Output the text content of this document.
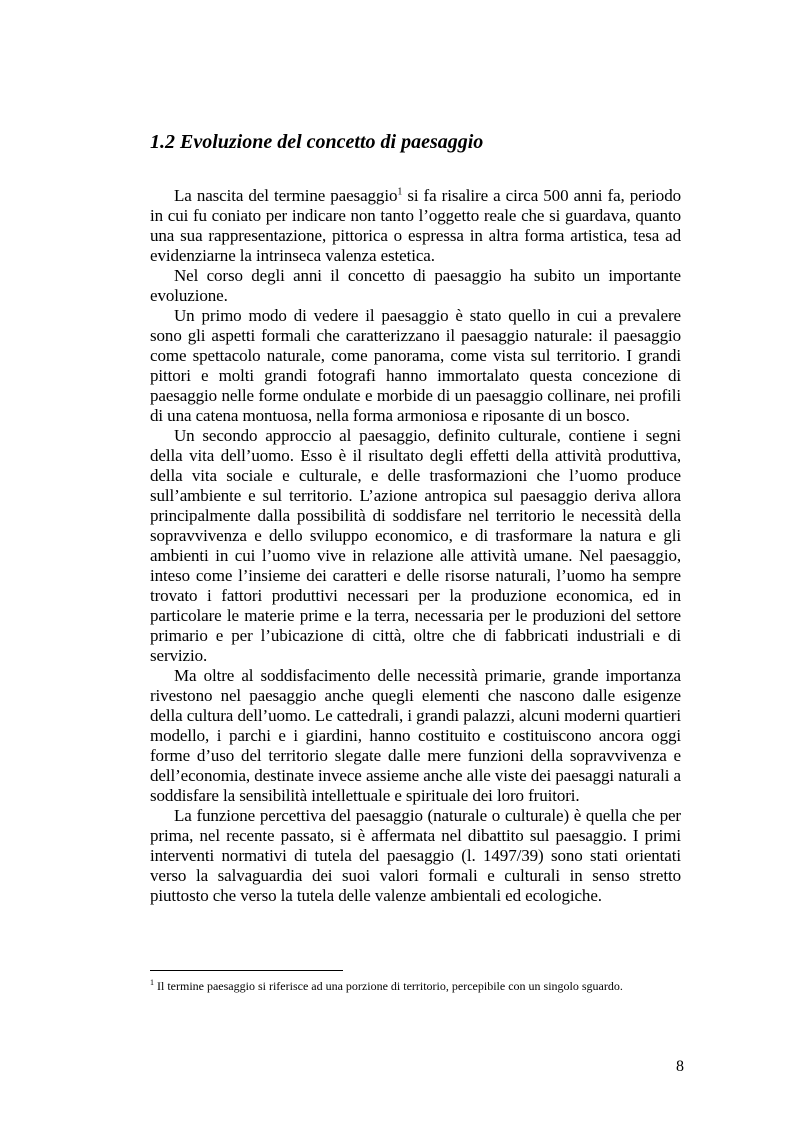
1.2 Evoluzione del concetto di paesaggio

La nascita del termine paesaggio$^1$ si fa risalire a circa 500 anni fa, periodo in cui fu coniato per indicare non tanto l’oggetto reale che si guardava, quanto una sua rappresentazione, pittorica o espressa in altra forma artistica, tesa ad evidenziarne la intrinseca valenza estetica.

Nel corso degli anni il concetto di paesaggio ha subito un importante evoluzione.

Un primo modo di vedere il paesaggio è stato quello in cui a prevalere sono gli aspetti formali che caratterizzano il paesaggio naturale: il paesaggio come spettacolo naturale, come panorama, come vista sul territorio. I grandi pittori e molti grandi fotografi hanno immortalato questa concezione di paesaggio nelle forme ondulate e morbide di un paesaggio collinare, nei profili di una catena montuosa, nella forma armoniosa e riposante di un bosco.

Un secondo approccio al paesaggio, definito culturale, contiene i segni della vita dell’uomo. Esso è il risultato degli effetti della attività produttiva, della vita sociale e culturale, e delle trasformazioni che l’uomo produce sull’ambiente e sul territorio. L’azione antropica sul paesaggio deriva allora principalmente dalla possibilità di soddisfare nel territorio le necessità della sopravvivenza e dello sviluppo economico, e di trasformare la natura e gli ambienti in cui l’uomo vive in relazione alle attività umane. Nel paesaggio, inteso come l’insieme dei caratteri e delle risorse naturali, l’uomo ha sempre trovato i fattori produttivi necessari per la produzione economica, ed in particolare le materie prime e la terra, necessaria per le produzioni del settore primario e per l’ubicazione di città, oltre che di fabbricati industriali e di servizio.

Ma oltre al soddisfacimento delle necessità primarie, grande importanza rivestono nel paesaggio anche quegli elementi che nascono dalle esigenze della cultura dell’uomo. Le cattedrali, i grandi palazzi, alcuni moderni quartieri modello, i parchi e i giardini, hanno costituito e costituiscono ancora oggi forme d’uso del territorio slegate dalle mere funzioni della sopravvivenza e dell’economia, destinate invece assieme anche alle viste dei paesaggi naturali a soddisfare la sensibilità intellettuale e spirituale dei loro fruitori.

La funzione percettiva del paesaggio (naturale o culturale) è quella che per prima, nel recente passato, si è affermata nel dibattito sul paesaggio. I primi interventi normativi di tutela del paesaggio (l. 1497/39) sono stati orientati verso la salvaguardia dei suoi valori formali e culturali in senso stretto piuttosto che verso la tutela delle valenze ambientali ed ecologiche.

$^1$ Il termine paesaggio si riferisce ad una porzione di territorio, percepibile con un singolo sguardo.

8
